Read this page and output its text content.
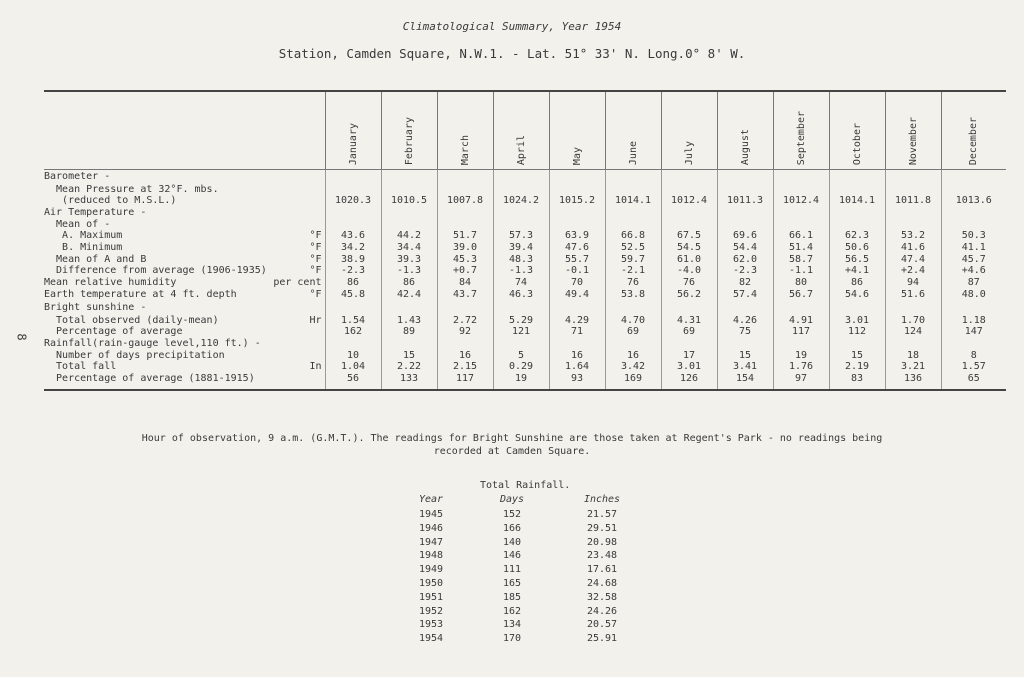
Climatological Summary, Year 1954
Station, Camden Square, N.W.1. - Lat. 51° 33' N. Long.0° 8' W.
8
	January	February	March	April	May	June	July	August	September	October	November	December

Barometer -												

Mean Pressure at 32°F. mbs.												

(reduced to M.S.L.)	1020.3	1010.5	1007.8	1024.2	1015.2	1014.1	1012.4	1011.3	1012.4	1014.1	1011.8	1013.6

Air Temperature -												

Mean of -												

A. Maximum °F	43.6	44.2	51.7	57.3	63.9	66.8	67.5	69.6	66.1	62.3	53.2	50.3

B. Minimum °F	34.2	34.4	39.0	39.4	47.6	52.5	54.5	54.4	51.4	50.6	41.6	41.1

Mean of A and B °F	38.9	39.3	45.3	48.3	55.7	59.7	61.0	62.0	58.7	56.5	47.4	45.7

Difference from average (1906-1935) °F	-2.3	-1.3	+0.7	-1.3	-0.1	-2.1	-4.0	-2.3	-1.1	+4.1	+2.4	+4.6

Mean relative humidity per cent	86	86	84	74	70	76	76	82	80	86	94	87

Earth temperature at 4 ft. depth °F	45.8	42.4	43.7	46.3	49.4	53.8	56.2	57.4	56.7	54.6	51.6	48.0

Bright sunshine -												

Total observed (daily-mean) Hr	1.54	1.43	2.72	5.29	4.29	4.70	4.31	4.26	4.91	3.01	1.70	1.18

Percentage of average	162	89	92	121	71	69	69	75	117	112	124	147

Rainfall(rain-gauge level,110 ft.) -												

Number of days precipitation	10	15	16	5	16	16	17	15	19	15	18	8

Total fall In	1.04	2.22	2.15	0.29	1.64	3.42	3.01	3.41	1.76	2.19	3.21	1.57

Percentage of average (1881-1915)	56	133	117	19	93	169	126	154	97	83	136	65
Hour of observation, 9 a.m. (G.M.T.). The readings for Bright Sunshine are those taken at Regent's Park - no readings being
recorded at Camden Square.
Total Rainfall.
Year	Days	Inches
1945	152	21.57
1946	166	29.51
1947	140	20.98
1948	146	23.48
1949	111	17.61
1950	165	24.68
1951	185	32.58
1952	162	24.26
1953	134	20.57
1954	170	25.91
